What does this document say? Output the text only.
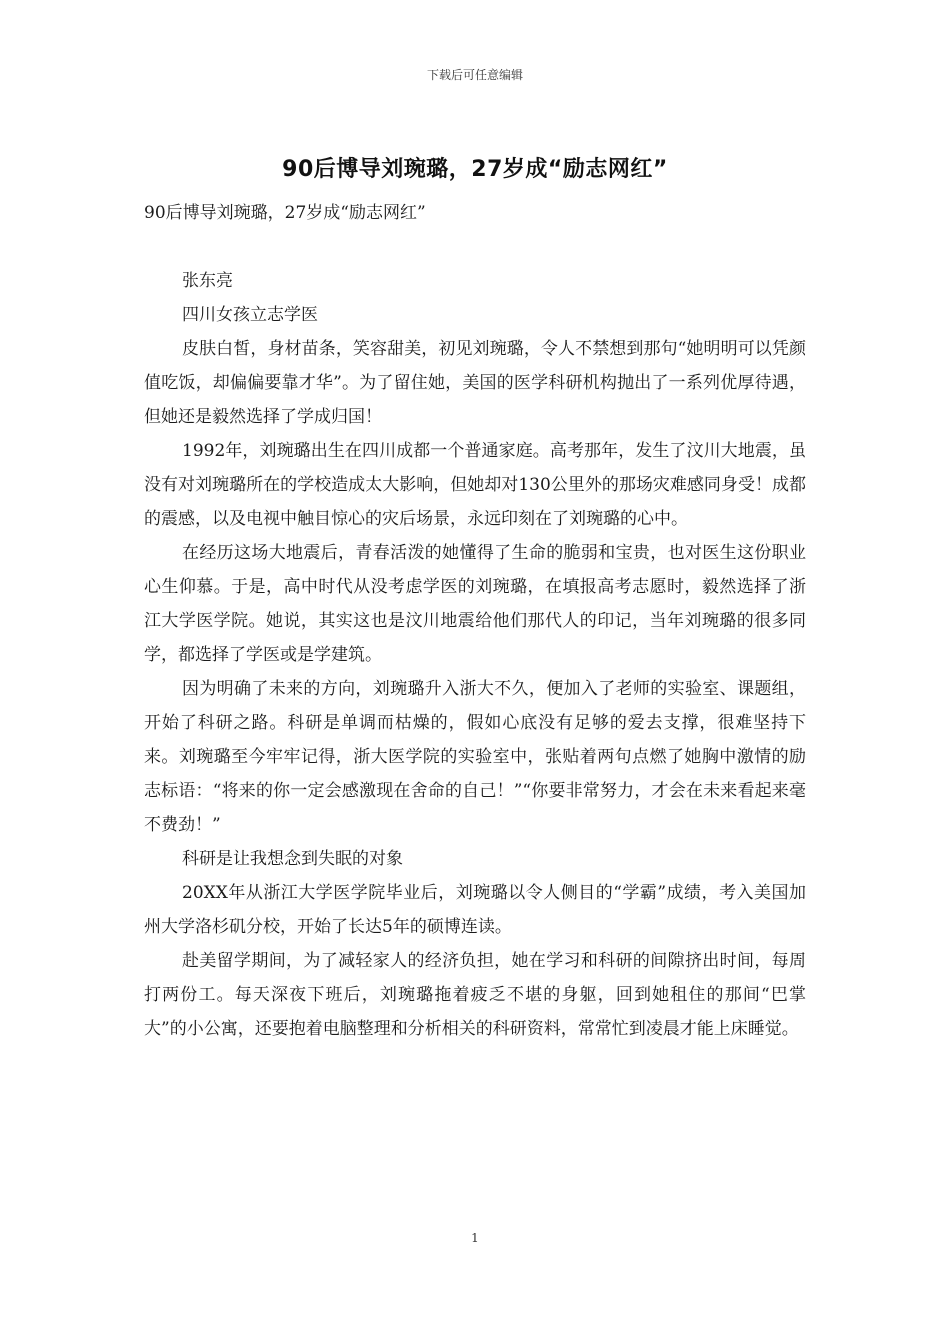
下载后可任意编辑
90后博导刘琬璐，27岁成“励志网红”

90后博导刘琬璐，27岁成“励志网红”

张东亮

四川女孩立志学医

皮肤白皙，身材苗条，笑容甜美，初见刘琬璐，令人不禁想到那句“她明明可以凭颜值吃饭，却偏偏要靠才华”。为了留住她，美国的医学科研机构抛出了一系列优厚待遇，但她还是毅然选择了学成归国！

1992年，刘琬璐出生在四川成都一个普通家庭。高考那年，发生了汶川大地震，虽没有对刘琬璐所在的学校造成太大影响，但她却对130公里外的那场灾难感同身受！成都的震感，以及电视中触目惊心的灾后场景，永远印刻在了刘琬璐的心中。

在经历这场大地震后，青春活泼的她懂得了生命的脆弱和宝贵，也对医生这份职业心生仰慕。于是，高中时代从没考虑学医的刘琬璐，在填报高考志愿时，毅然选择了浙江大学医学院。她说，其实这也是汶川地震给他们那代人的印记，当年刘琬璐的很多同学，都选择了学医或是学建筑。

因为明确了未来的方向，刘琬璐升入浙大不久，便加入了老师的实验室、课题组，开始了科研之路。科研是单调而枯燥的，假如心底没有足够的爱去支撑，很难坚持下来。刘琬璐至今牢牢记得，浙大医学院的实验室中，张贴着两句点燃了她胸中激情的励志标语：“将来的你一定会感激现在舍命的自己！”“你要非常努力，才会在未来看起来毫不费劲！”

科研是让我想念到失眠的对象

20XX年从浙江大学医学院毕业后，刘琬璐以令人侧目的“学霸”成绩，考入美国加州大学洛杉矶分校，开始了长达5年的硕博连读。

赴美留学期间，为了减轻家人的经济负担，她在学习和科研的间隙挤出时间，每周打两份工。每天深夜下班后，刘琬璐拖着疲乏不堪的身躯，回到她租住的那间“巴掌大”的小公寓，还要抱着电脑整理和分析相关的科研资料，常常忙到凌晨才能上床睡觉。

1
